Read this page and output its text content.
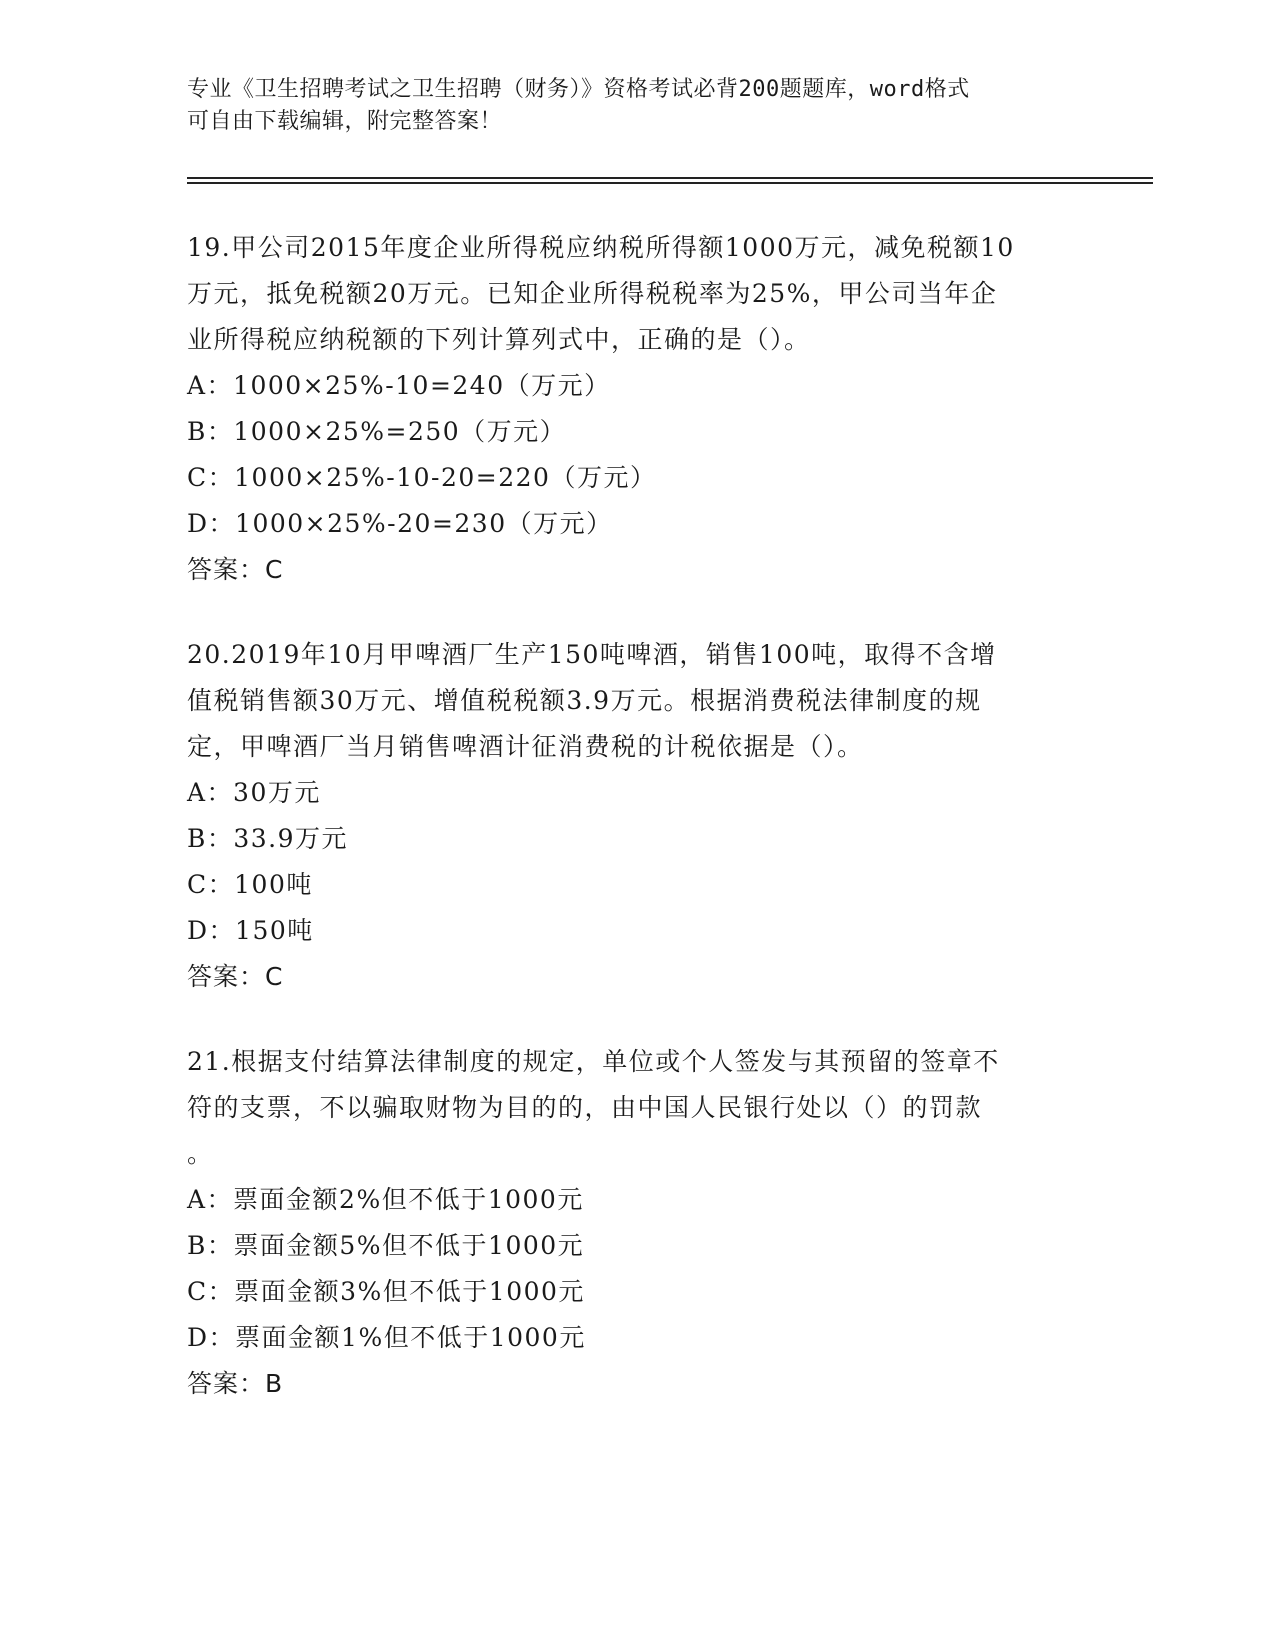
专业《卫生招聘考试之卫生招聘（财务）》资格考试必背200题题库，word格式
可自由下载编辑，附完整答案！
19.甲公司2015年度企业所得税应纳税所得额1000万元，减免税额10
万元，抵免税额20万元。已知企业所得税税率为25%，甲公司当年企
业所得税应纳税额的下列计算列式中，正确的是（）。
A：1000×25%-10=240（万元）
B：1000×25%=250（万元）
C：1000×25%-10-20=220（万元）
D：1000×25%-20=230（万元）
答案：C
20.2019年10月甲啤酒厂生产150吨啤酒，销售100吨，取得不含增
值税销售额30万元、增值税税额3.9万元。根据消费税法律制度的规
定，甲啤酒厂当月销售啤酒计征消费税的计税依据是（）。
A：30万元
B：33.9万元
C：100吨
D：150吨
答案：C
21.根据支付结算法律制度的规定，单位或个人签发与其预留的签章不
符的支票，不以骗取财物为目的的，由中国人民银行处以（）的罚款
。
A：票面金额2%但不低于1000元
B：票面金额5%但不低于1000元
C：票面金额3%但不低于1000元
D：票面金额1%但不低于1000元
答案：B
